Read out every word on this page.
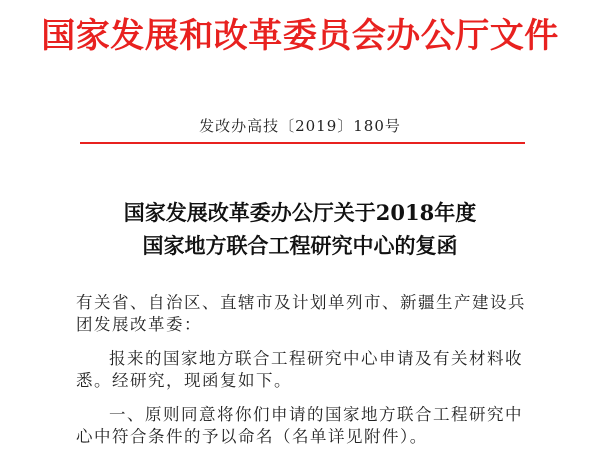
国家发展和改革委员会办公厅文件
发改办高技〔2019〕180号
国家发展改革委办公厅关于2018年度
国家地方联合工程研究中心的复函
有关省、自治区、直辖市及计划单列市、新疆生产建设兵团发展改革委：
报来的国家地方联合工程研究中心申请及有关材料收悉。经研究，现函复如下。
一、原则同意将你们申请的国家地方联合工程研究中心中符合条件的予以命名（名单详见附件）。
